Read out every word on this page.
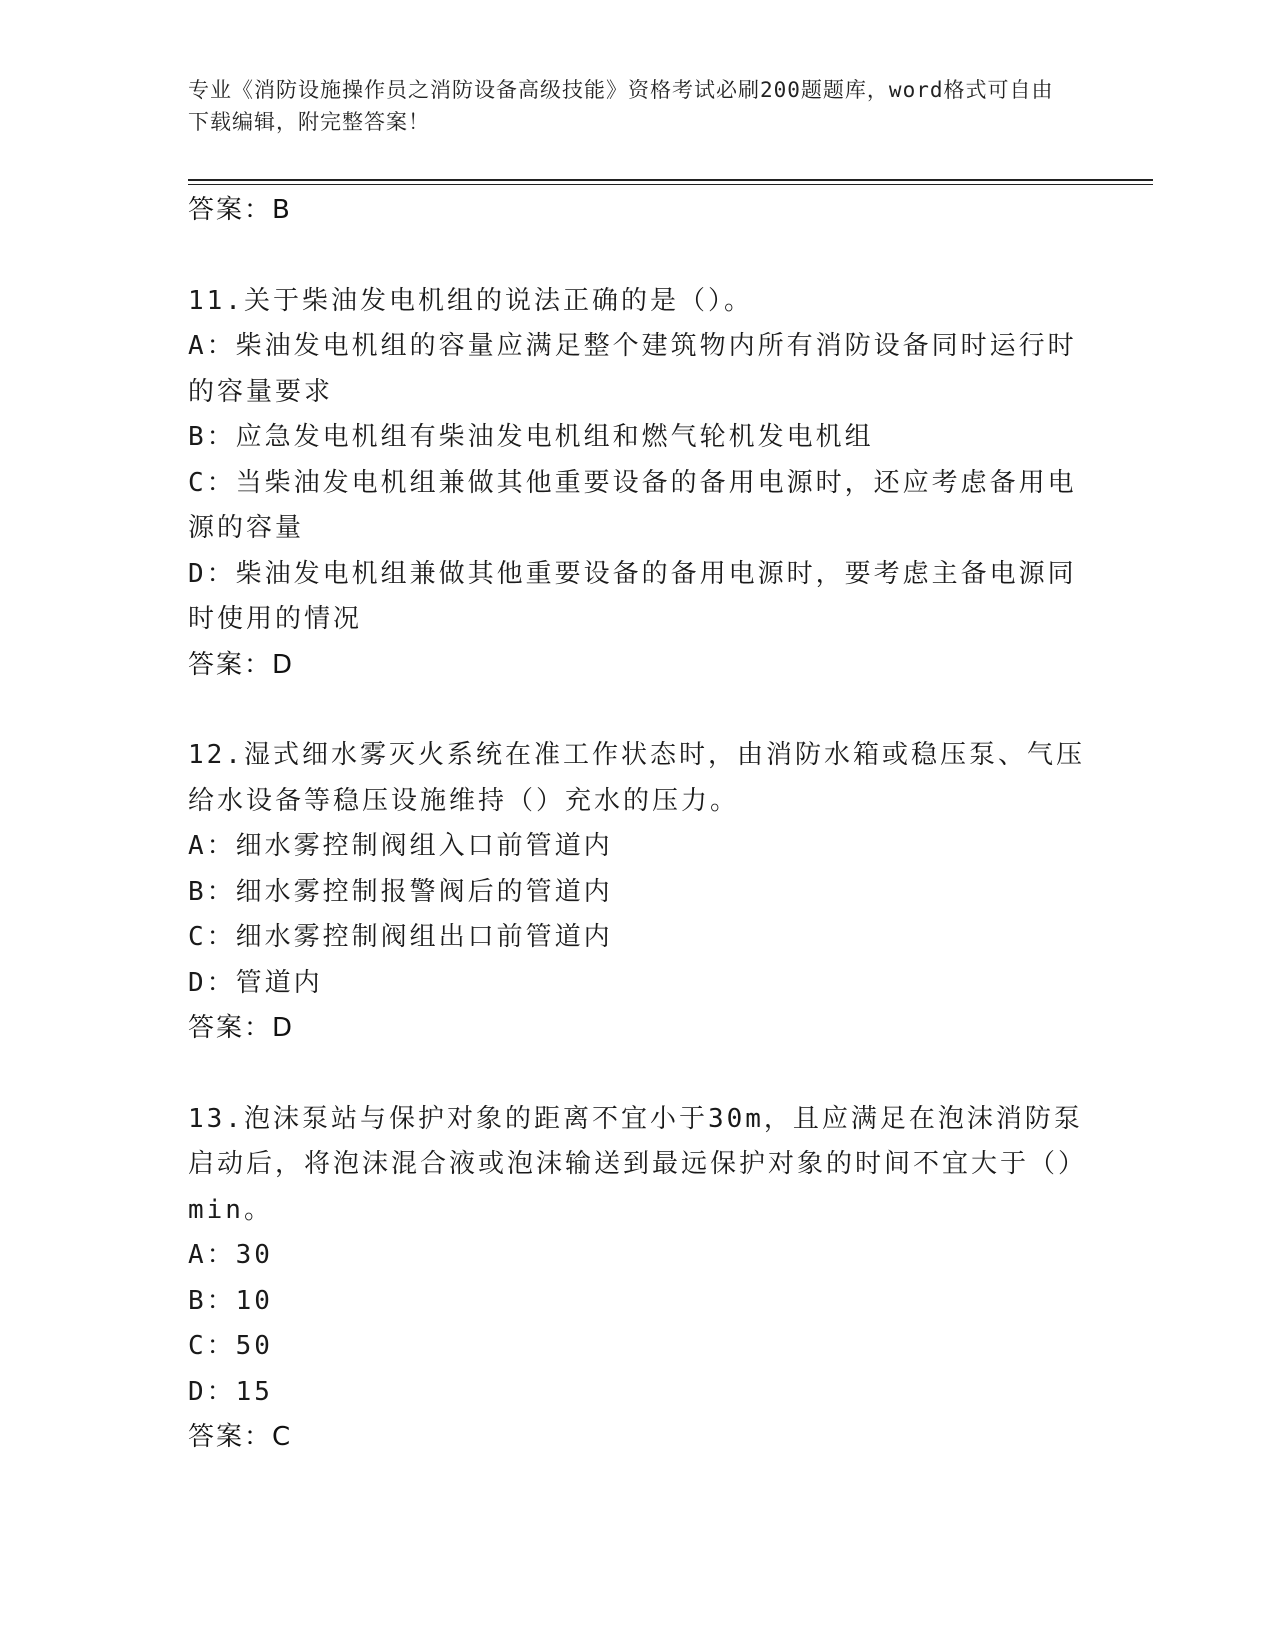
专业《消防设施操作员之消防设备高级技能》资格考试必刷200题题库，word格式可自由下载编辑，附完整答案！
答案：B
11.关于柴油发电机组的说法正确的是（）。
A：柴油发电机组的容量应满足整个建筑物内所有消防设备同时运行时的容量要求
B：应急发电机组有柴油发电机组和燃气轮机发电机组
C：当柴油发电机组兼做其他重要设备的备用电源时，还应考虑备用电源的容量
D：柴油发电机组兼做其他重要设备的备用电源时，要考虑主备电源同时使用的情况
答案：D
12.湿式细水雾灭火系统在准工作状态时，由消防水箱或稳压泵、气压给水设备等稳压设施维持（）充水的压力。
A：细水雾控制阀组入口前管道内
B：细水雾控制报警阀后的管道内
C：细水雾控制阀组出口前管道内
D：管道内
答案：D
13.泡沫泵站与保护对象的距离不宜小于30m，且应满足在泡沫消防泵启动后，将泡沫混合液或泡沫输送到最远保护对象的时间不宜大于（）min。
A：30
B：10
C：50
D：15
答案：C
